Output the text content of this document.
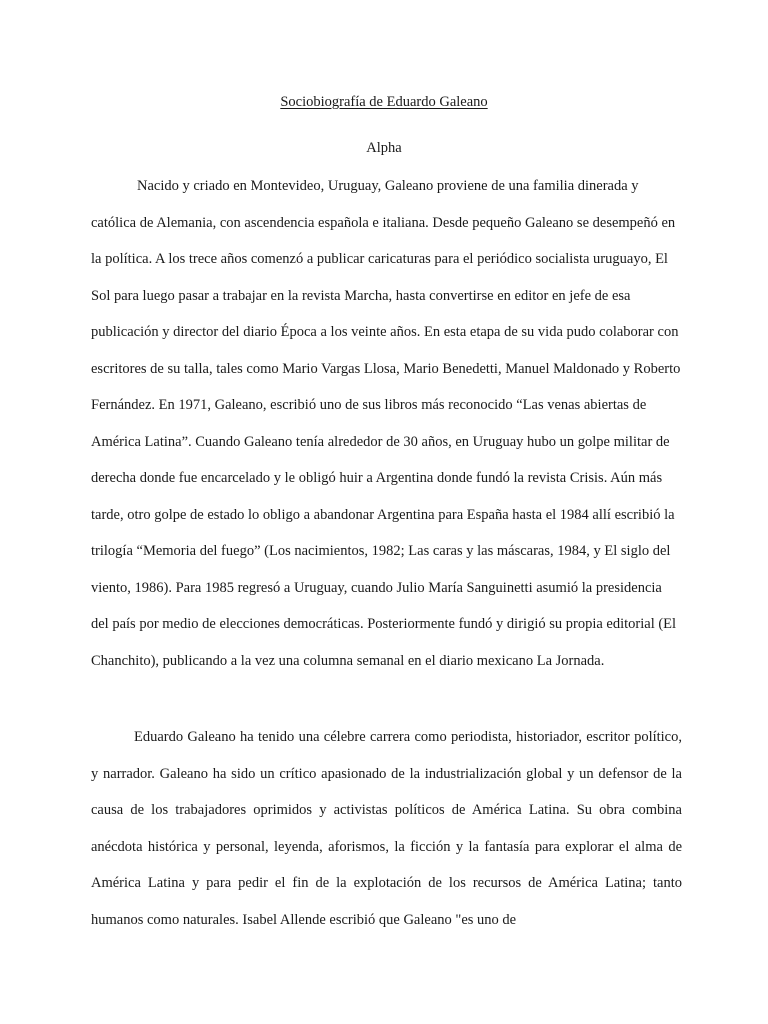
Sociobiografía de Eduardo Galeano

Alpha

Nacido y criado en Montevideo, Uruguay, Galeano proviene de una familia dinerada y católica de Alemania, con ascendencia española e italiana. Desde pequeño Galeano se desempeñó en la política. A los trece años comenzó a publicar caricaturas para el periódico socialista uruguayo, El Sol para luego pasar a trabajar en la revista Marcha, hasta convertirse en editor en jefe de esa publicación y director del diario Época a los veinte años. En esta etapa de su vida pudo colaborar con escritores de su talla, tales como Mario Vargas Llosa, Mario Benedetti, Manuel Maldonado y Roberto Fernández. En 1971, Galeano, escribió uno de sus libros más reconocido “Las venas abiertas de América Latina”. Cuando Galeano tenía alrededor de 30 años, en Uruguay hubo un golpe militar de derecha donde fue encarcelado y le obligó huir a Argentina donde fundó la revista Crisis. Aún más tarde, otro golpe de estado lo obligo a abandonar Argentina para España hasta el 1984 allí escribió la trilogía “Memoria del fuego” (Los nacimientos, 1982; Las caras y las máscaras, 1984, y El siglo del viento, 1986). Para 1985 regresó a Uruguay, cuando Julio María Sanguinetti asumió la presidencia del país por medio de elecciones democráticas. Posteriormente fundó y dirigió su propia editorial (El Chanchito), publicando a la vez una columna semanal en el diario mexicano La Jornada.

Eduardo Galeano ha tenido una célebre carrera como periodista, historiador, escritor político, y narrador. Galeano ha sido un crítico apasionado de la industrialización global y un defensor de la causa de los trabajadores oprimidos y activistas políticos de América Latina. Su obra combina anécdota histórica y personal, leyenda, aforismos, la ficción y la fantasía para explorar el alma de América Latina y para pedir el fin de la explotación de los recursos de América Latina; tanto humanos como naturales. Isabel Allende escribió que Galeano "es uno de
